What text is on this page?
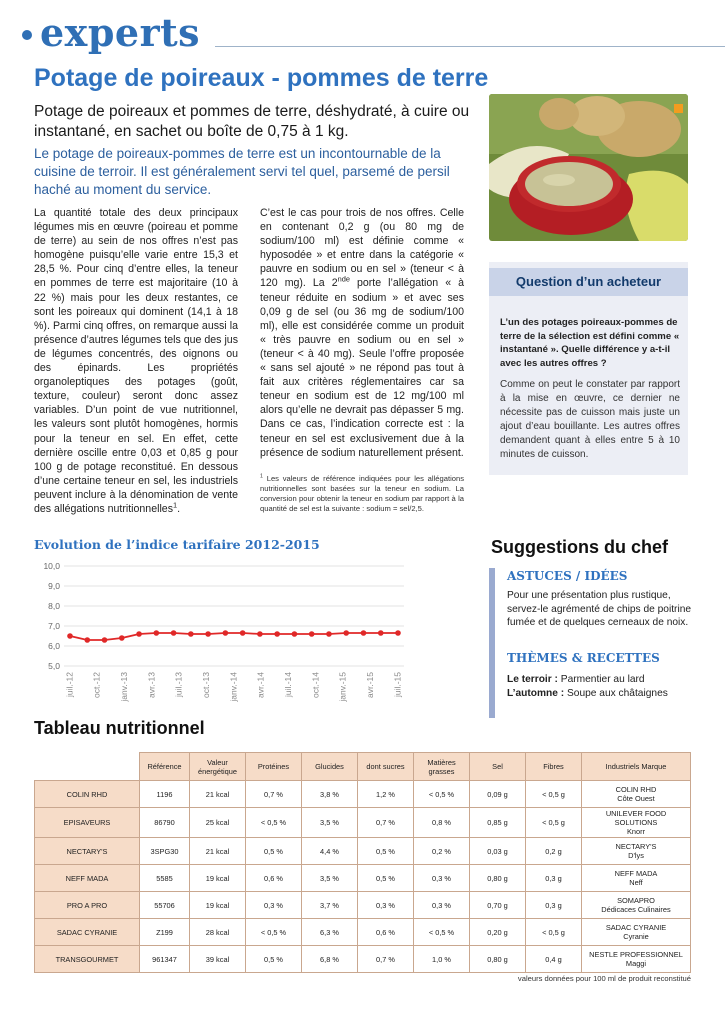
experts
Potage de poireaux - pommes de terre

Potage de poireaux et pommes de terre, déshydraté, à cuire ou instantané, en sachet ou boîte de 0,75 à 1 kg.

Le potage de poireaux-pommes de terre est un incontournable de la cuisine de terroir. Il est généralement servi tel quel, parsemé de persil haché au moment du service.

La quantité totale des deux principaux légumes mis en œuvre (poireau et pomme de terre) au sein de nos offres n’est pas homogène puisqu’elle varie entre 15,3 et 28,5 %. Pour cinq d’entre elles, la teneur en pommes de terre est majoritaire (10 à 22 %) mais pour les deux restantes, ce sont les poireaux qui dominent (14,1 à 18 %). Parmi cinq offres, on remarque aussi la présence d’autres légumes tels que des jus de légumes concentrés, des oignons ou des épinards. Les propriétés organoleptiques des potages (goût, texture, couleur) seront donc assez variables. D’un point de vue nutritionnel, les valeurs sont plutôt homogènes, hormis pour la teneur en sel. En effet, cette dernière oscille entre 0,03 et 0,85 g pour 100 g de potage reconstitué. En dessous d’une certaine teneur en sel, les industriels peuvent inclure à la dénomination de vente des allégations nutritionnelles$^1$.
C’est le cas pour trois de nos offres. Celle en contenant 0,2 g (ou 80 mg de sodium/100 ml) est définie comme « hyposodée » et entre dans la catégorie « pauvre en sodium ou en sel » (teneur < à 120 mg). La 2nde porte l’allégation « à teneur réduite en sodium » et avec ses 0,09 g de sel (ou 36 mg de sodium/100 ml), elle est considérée comme un produit « très pauvre en sodium ou en sel » (teneur < à 40 mg). Seule l’offre proposée « sans sel ajouté » ne répond pas tout à fait aux critères réglementaires car sa teneur en sodium est de 12 mg/100 ml alors qu’elle ne devrait pas dépasser 5 mg. Dans ce cas, l’indication correcte est : la teneur en sel est exclusivement due à la présence de sodium naturellement présent.
$^1$ Les valeurs de référence indiquées pour les allégations nutritionnelles sont basées sur la teneur en sodium. La conversion pour obtenir la teneur en sodium par rapport à la quantité de sel est la suivante : sodium = sel/2,5.
Question d’un acheteur

L’un des potages poireaux-pommes de terre de la sélection est défini comme « instantané ». Quelle différence y a-t-il avec les autres offres ?

Comme on peut le constater par rapport à la mise en œuvre, ce dernier ne nécessite pas de cuisson mais juste un ajout d’eau bouillante. Les autres offres demandent quant à elles entre 5 à 10 minutes de cuisson.

Evolution de l’indice tarifaire 2012-2015
10,0
9,0
8,0
7,0
6,0
5,0
juil.-12 oct.-12 janv.-13 avr.-13 juil.-13 oct.-13 janv.-14 avr.-14 juil.-14 oct.-14 janv.-15 avr.-15 juil.-15
Suggestions du chef
ASTUCES / IDÉES

Pour une présentation plus rustique, servez-le agrémenté de chips de poitrine fumée et de quelques cerneaux de noix.

THÈMES & RECETTES
Le terroir : Parmentier au lard
L’automne : Soupe aux châtaignes
Tableau nutritionnel
	Référence	Valeur énergétique	Protéines	Glucides	dont sucres	Matières grasses	Sel	Fibres	Industriels Marque
COLIN RHD	1196	21 kcal	0,7 %	3,8 %	1,2 %	< 0,5 %	0,09 g	< 0,5 g	COLIN RHD
Côte Ouest

EPISAVEURS	86790	25 kcal	< 0,5 %	3,5 %	0,7 %	0,8 %	0,85 g	< 0,5 g	UNILEVER FOOD SOLUTIONS
Knorr

NECTARY'S	3SPG30	21 kcal	0,5 %	4,4 %	0,5 %	0,2 %	0,03 g	0,2 g	NECTARY'S
D'lys

NEFF MADA	5585	19 kcal	0,6 %	3,5 %	0,5 %	0,3 %	0,80 g	0,3 g	NEFF MADA
Neff

PRO A PRO	55706	19 kcal	0,3 %	3,7 %	0,3 %	0,3 %	0,70 g	0,3 g	SOMAPRO
Dédicaces Culinaires

SADAC CYRANIE	Z199	28 kcal	< 0,5 %	6,3 %	0,6 %	< 0,5 %	0,20 g	< 0,5 g	SADAC CYRANIE
Cyranie

TRANSGOURMET	961347	39 kcal	0,5 %	6,8 %	0,7 %	1,0 %	0,80 g	0,4 g	NESTLE PROFESSIONNEL
Maggi
valeurs données pour 100 ml de produit reconstitué
